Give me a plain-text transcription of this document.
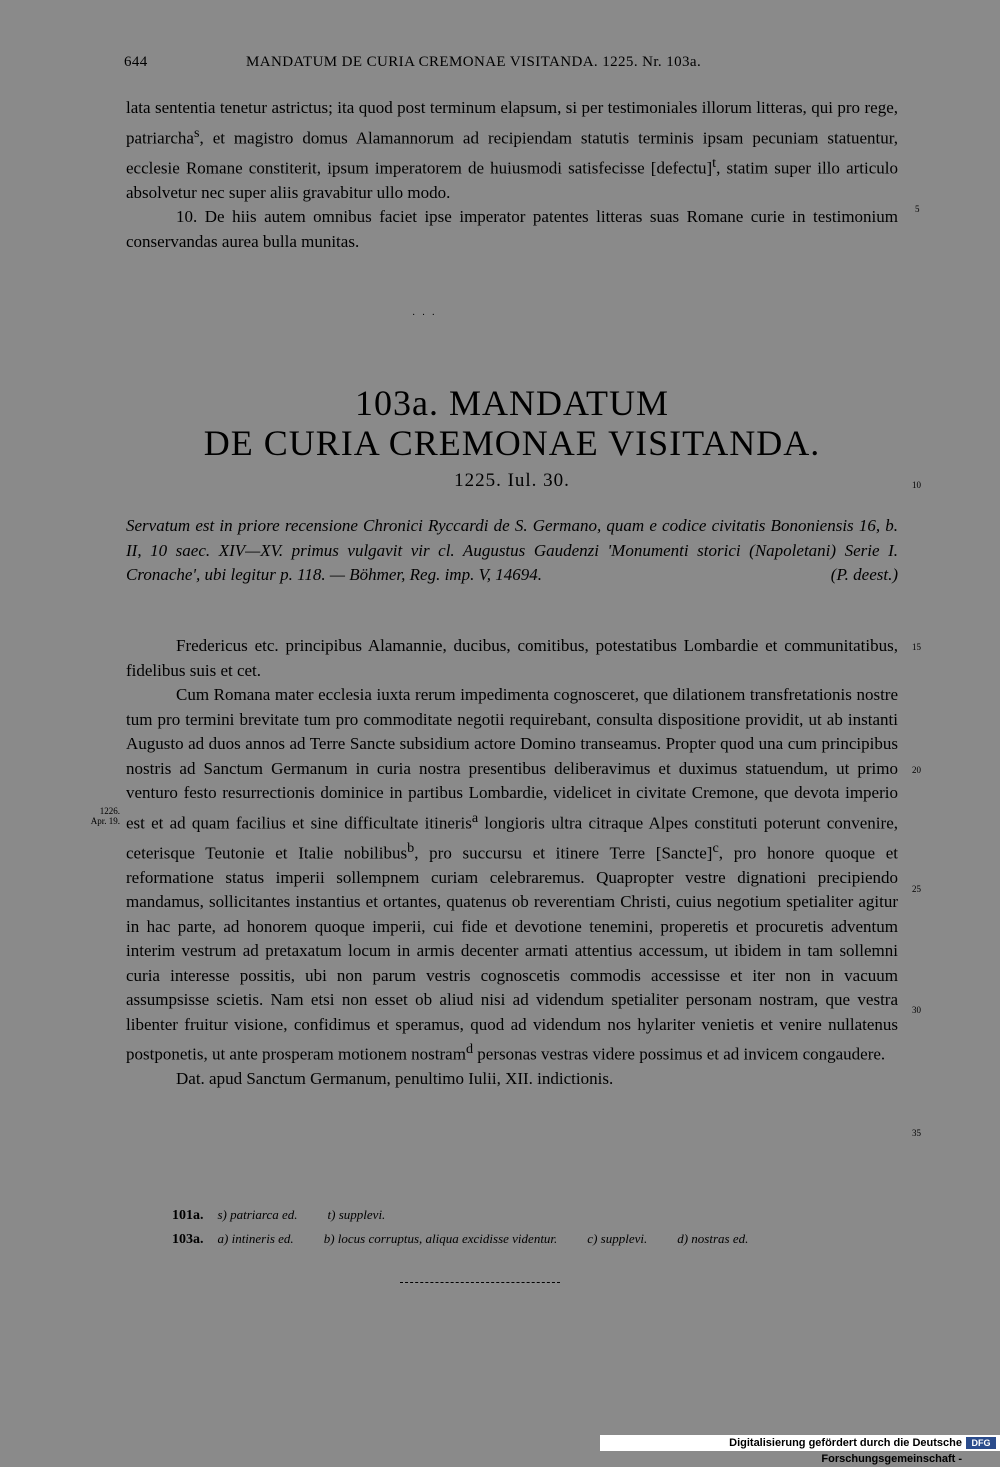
644	MANDATUM DE CURIA CREMONAE VISITANDA. 1225. Nr. 103a.

lata sententia tenetur astrictus; ita quod post terminum elapsum, si per testimoniales illorum litteras, qui pro rege, patriarcha$^s$, et magistro domus Alamannorum ad recipiendam statutis terminis ipsam pecuniam statuentur, ecclesie Romane constiterit, ipsum imperatorem de huiusmodi satisfecisse [defectu]$^t$, statim super illo articulo absolvetur nec super aliis gravabitur ullo modo.

10. De hiis autem omnibus faciet ipse imperator patentes litteras suas Romane curie in testimonium conservandas aurea bulla munitas.

· · ·
103a. MANDATUM
DE CURIA CREMONAE VISITANDA.
1225. Iul. 30.
Servatum est in priore recensione Chronici Ryccardi de S. Germano, quam e codice civitatis Bononiensis 16, b. II, 10 saec. XIV—XV. primus vulgavit vir cl. Augustus Gaudenzi 'Monumenti storici (Napoletani) Serie I. Cronache', ubi legitur p. 118. — Böhmer, Reg. imp. V, 14694.	(P. deest.)

Fredericus etc. principibus Alamannie, ducibus, comitibus, potestatibus Lombardie et communitatibus, fidelibus suis et cet.

Cum Romana mater ecclesia iuxta rerum impedimenta cognosceret, que dilationem transfretationis nostre tum pro termini brevitate tum pro commoditate negotii requirebant, consulta dispositione providit, ut ab instanti Augusto ad duos annos ad Terre Sancte subsidium actore Domino transeamus. Propter quod una cum principibus nostris ad Sanctum Germanum in curia nostra presentibus deliberavimus et duximus statuendum, ut primo venturo festo resurrectionis dominice in partibus Lombardie, videlicet in civitate Cremone, que devota imperio est et ad quam facilius et sine difficultate itineris$^a$ longioris ultra citraque Alpes constituti poterunt convenire, ceterisque Teutonie et Italie nobilibus$^b$, pro succursu et itinere Terre [Sancte]$^c$, pro honore quoque et reformatione status imperii sollempnem curiam celebraremus. Quapropter vestre dignationi precipiendo mandamus, sollicitantes instantius et ortantes, quatenus ob reverentiam Christi, cuius negotium spetialiter agitur in hac parte, ad honorem quoque imperii, cui fide et devotione tenemini, properetis et procuretis adventum interim vestrum ad pretaxatum locum in armis decenter armati attentius accessum, ut ibidem in tam sollemni curia interesse possitis, ubi non parum vestris cognoscetis commodis accessisse et iter non in vacuum assumpsisse scietis. Nam etsi non esset ob aliud nisi ad videndum spetialiter personam nostram, que vestra libenter fruitur visione, confidimus et speramus, quod ad videndum nos hylariter venietis et venire nullatenus postponetis, ut ante prosperam motionem nostram$^d$ personas vestras videre possimus et ad invicem congaudere.

Dat. apud Sanctum Germanum, penultimo Iulii, XII. indictionis.

1226.
Apr. 19.
5
10
15
20
25
30
35
101a. s) patriarca ed. t) supplevi.
103a. a) intineris ed. b) locus corruptus, aliqua excidisse videntur. c) supplevi. d) nostras ed.
Digitalisierung gefördert durch die Deutsche Forschungsgemeinschaft -
DFG
